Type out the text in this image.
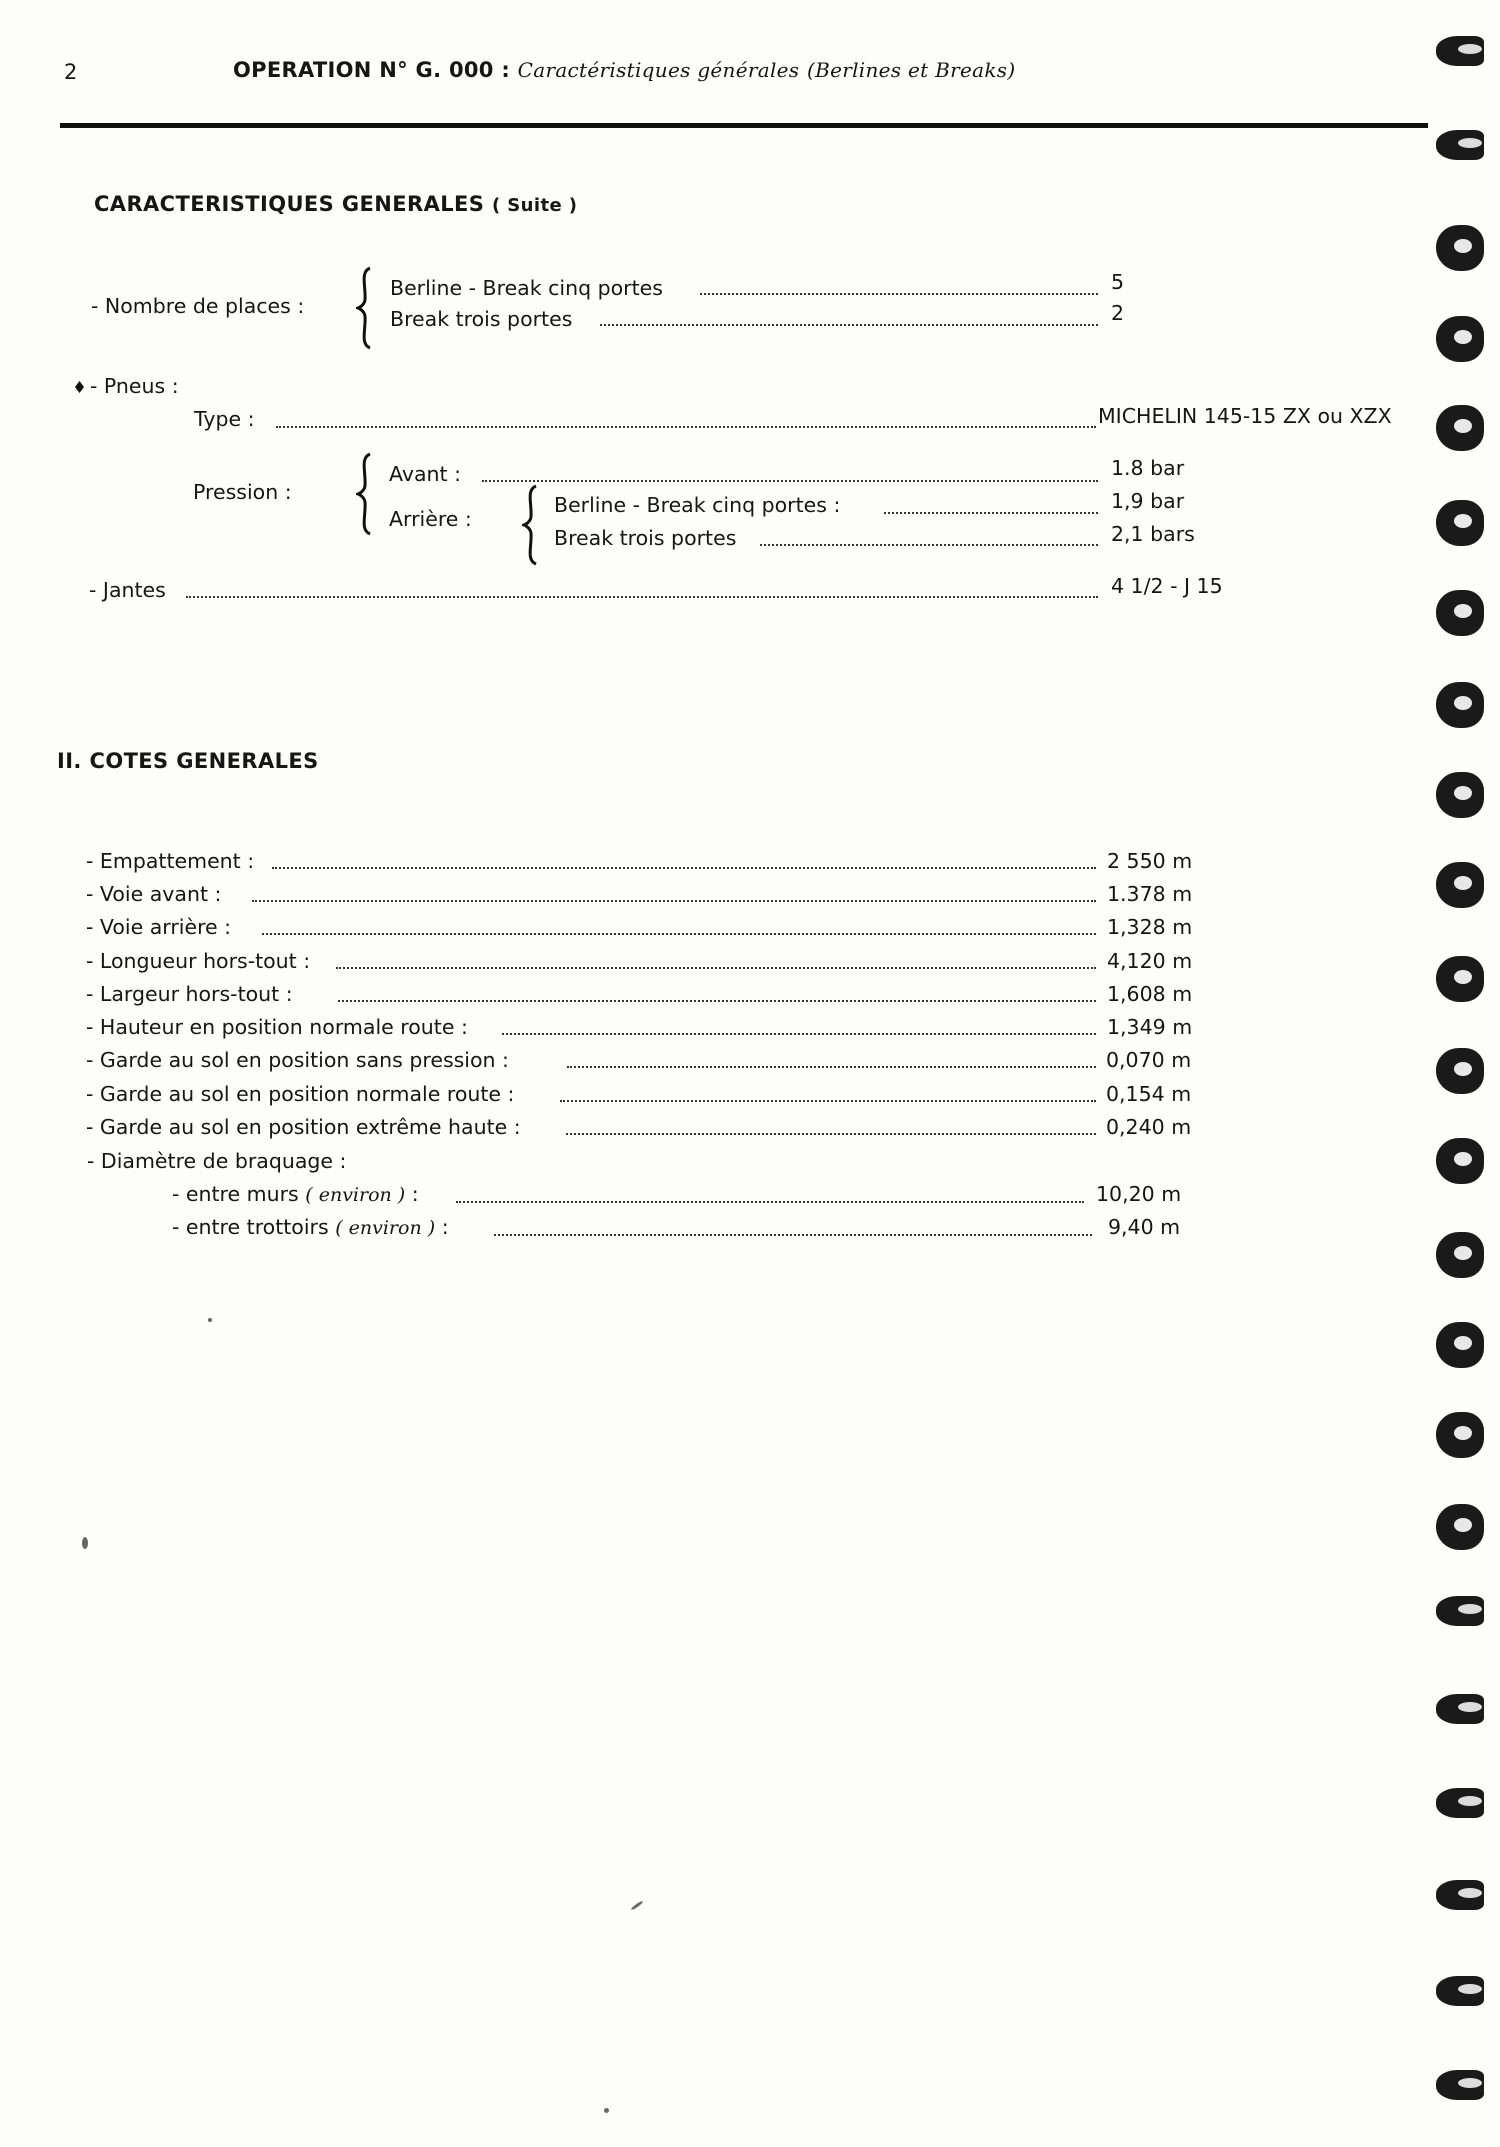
2	OPERATION N° G. 000 : Caractéristiques générales (Berlines et Breaks)
CARACTERISTIQUES GENERALES ( Suite )
- Nombre de places :
Berline - Break cinq portes	5
Break trois portes	2
- Pneus :
Type :	MICHELIN 145-15 ZX ou XZX
Pression :
Avant :	1.8 bar
Arrière :
Berline - Break cinq portes :	1,9 bar
Break trois portes	2,1 bars
- Jantes	4 1/2 - J 15
II. COTES GENERALES
- Empattement :	2 550 m
- Voie avant :	1.378 m
- Voie arrière :	1,328 m
- Longueur hors-tout :	4,120 m
- Largeur hors-tout :	1,608 m
- Hauteur en position normale route :	1,349 m
- Garde au sol en position sans pression :	0,070 m
- Garde au sol en position normale route :	0,154 m
- Garde au sol en position extrême haute :	0,240 m
- Diamètre de braquage :
- entre murs ( environ ) :	10,20 m
- entre trottoirs ( environ ) :	9,40 m
